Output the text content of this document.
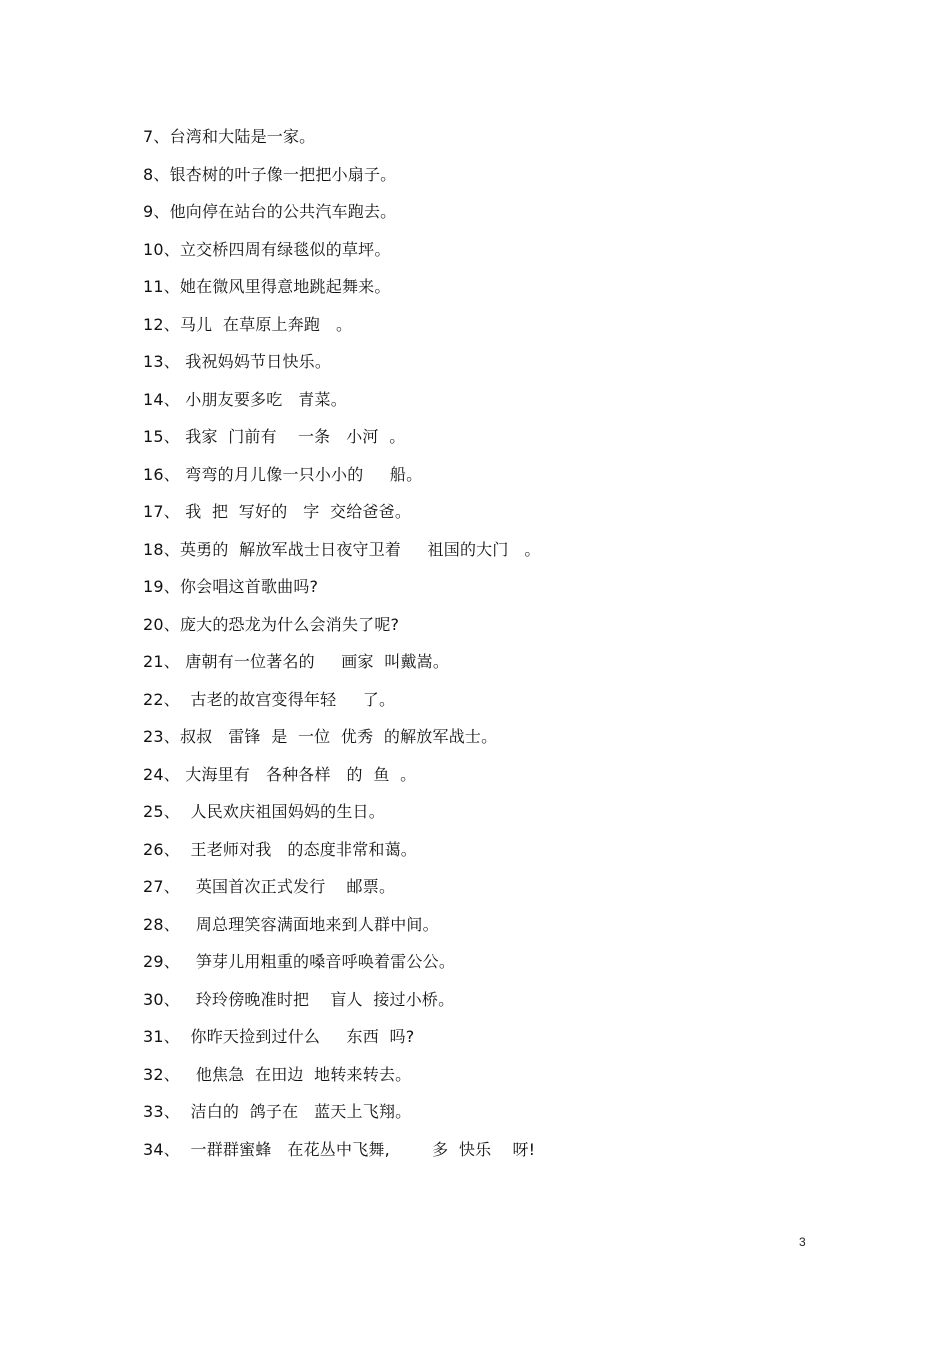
7、台湾和大陆是一家。
8、银杏树的叶子像一把把小扇子。
9、他向停在站台的公共汽车跑去。
10、立交桥四周有绿毯似的草坪。
11、她在微风里得意地跳起舞来。
12、马儿  在草原上奔跑   。
13、 我祝妈妈节日快乐。
14、 小朋友要多吃   青菜。
15、 我家  门前有    一条   小河  。
16、 弯弯的月儿像一只小小的     船。
17、 我  把  写好的   字  交给爸爸。
18、英勇的  解放军战士日夜守卫着     祖国的大门   。
19、你会唱这首歌曲吗?
20、庞大的恐龙为什么会消失了呢?
21、 唐朝有一位著名的     画家  叫戴嵩。
22、  古老的故宫变得年轻     了。
23、叔叔   雷锋  是  一位  优秀  的解放军战士。
24、 大海里有   各种各样   的  鱼  。
25、  人民欢庆祖国妈妈的生日。
26、  王老师对我   的态度非常和蔼。
27、   英国首次正式发行    邮票。
28、   周总理笑容满面地来到人群中间。
29、   笋芽儿用粗重的嗓音呼唤着雷公公。
30、   玲玲傍晚准时把    盲人  接过小桥。
31、  你昨天捡到过什么     东西  吗?
32、   他焦急  在田边  地转来转去。
33、  洁白的  鸽子在   蓝天上飞翔。
34、  一群群蜜蜂   在花丛中飞舞,        多  快乐    呀!
3
